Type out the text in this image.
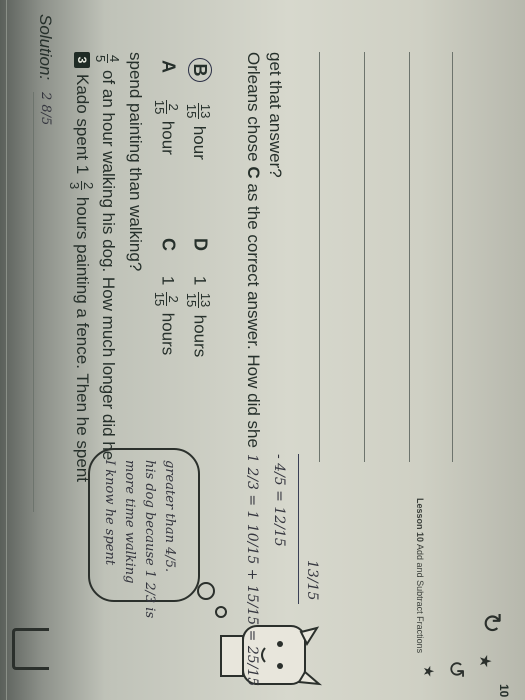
Solution:
2 8/5
3
Kado spent 1
2
3
hours painting a fence. Then he spent
4
5
of an hour walking his dog. How much longer did he spend painting than walking? A
2
15
hour
B
13
15
hour
C  1
2
15
hours
D  1
13
15
hours
Orleans chose C as the correct answer. How did she
get that answer?
I know he spent more time walking his dog because 1 2/3 is greater than 4/5.	1 2/3 = 1 10/15 + 15/15 = 25/15 - 4/5 = 12/15
13/15
Lesson 10 Add and Subtract Fractions
10
↻
★
↺
★
